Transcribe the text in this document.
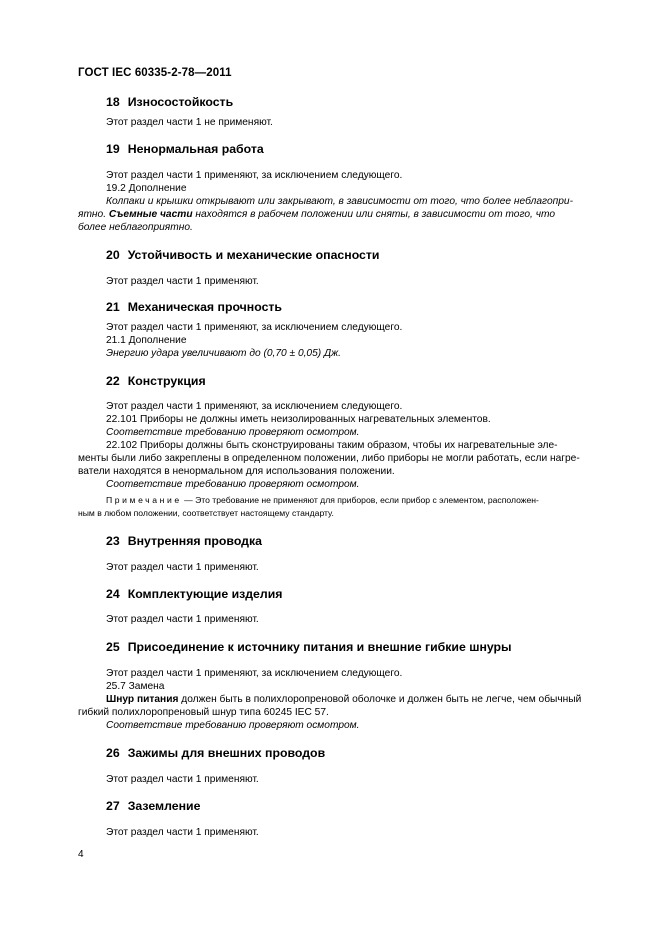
ГОСТ IEC 60335-2-78—2011
18 Износостойкость
Этот раздел части 1 не применяют.
19 Ненормальная работа
Этот раздел части 1 применяют, за исключением следующего.
19.2 Дополнение
Колпаки и крышки открывают или закрывают, в зависимости от того, что более неблагопри-
ятно. Съемные части находятся в рабочем положении или сняты, в зависимости от того, что
более неблагоприятно.
20 Устойчивость и механические опасности
Этот раздел части 1 применяют.
21 Механическая прочность
Этот раздел части 1 применяют, за исключением следующего.
21.1 Дополнение
Энергию удара увеличивают до (0,70 ± 0,05) Дж.
22 Конструкция
Этот раздел части 1 применяют, за исключением следующего.
22.101 Приборы не должны иметь неизолированных нагревательных элементов.
Соответствие требованию проверяют осмотром.
22.102 Приборы должны быть сконструированы таким образом, чтобы их нагревательные эле-
менты были либо закреплены в определенном положении, либо приборы не могли работать, если нагре-
ватели находятся в ненормальном для использования положении.
Соответствие требованию проверяют осмотром.
Примечание — Это требование не применяют для приборов, если прибор с элементом, расположен-
ным в любом положении, соответствует настоящему стандарту.
23 Внутренняя проводка
Этот раздел части 1 применяют.
24 Комплектующие изделия
Этот раздел части 1 применяют.
25 Присоединение к источнику питания и внешние гибкие шнуры
Этот раздел части 1 применяют, за исключением следующего.
25.7 Замена
Шнур питания должен быть в полихлоропреновой оболочке и должен быть не легче, чем обычный
гибкий полихлоропреновый шнур типа 60245 IEC 57.
Соответствие требованию проверяют осмотром.
26 Зажимы для внешних проводов
Этот раздел части 1 применяют.
27 Заземление
Этот раздел части 1 применяют.
4
